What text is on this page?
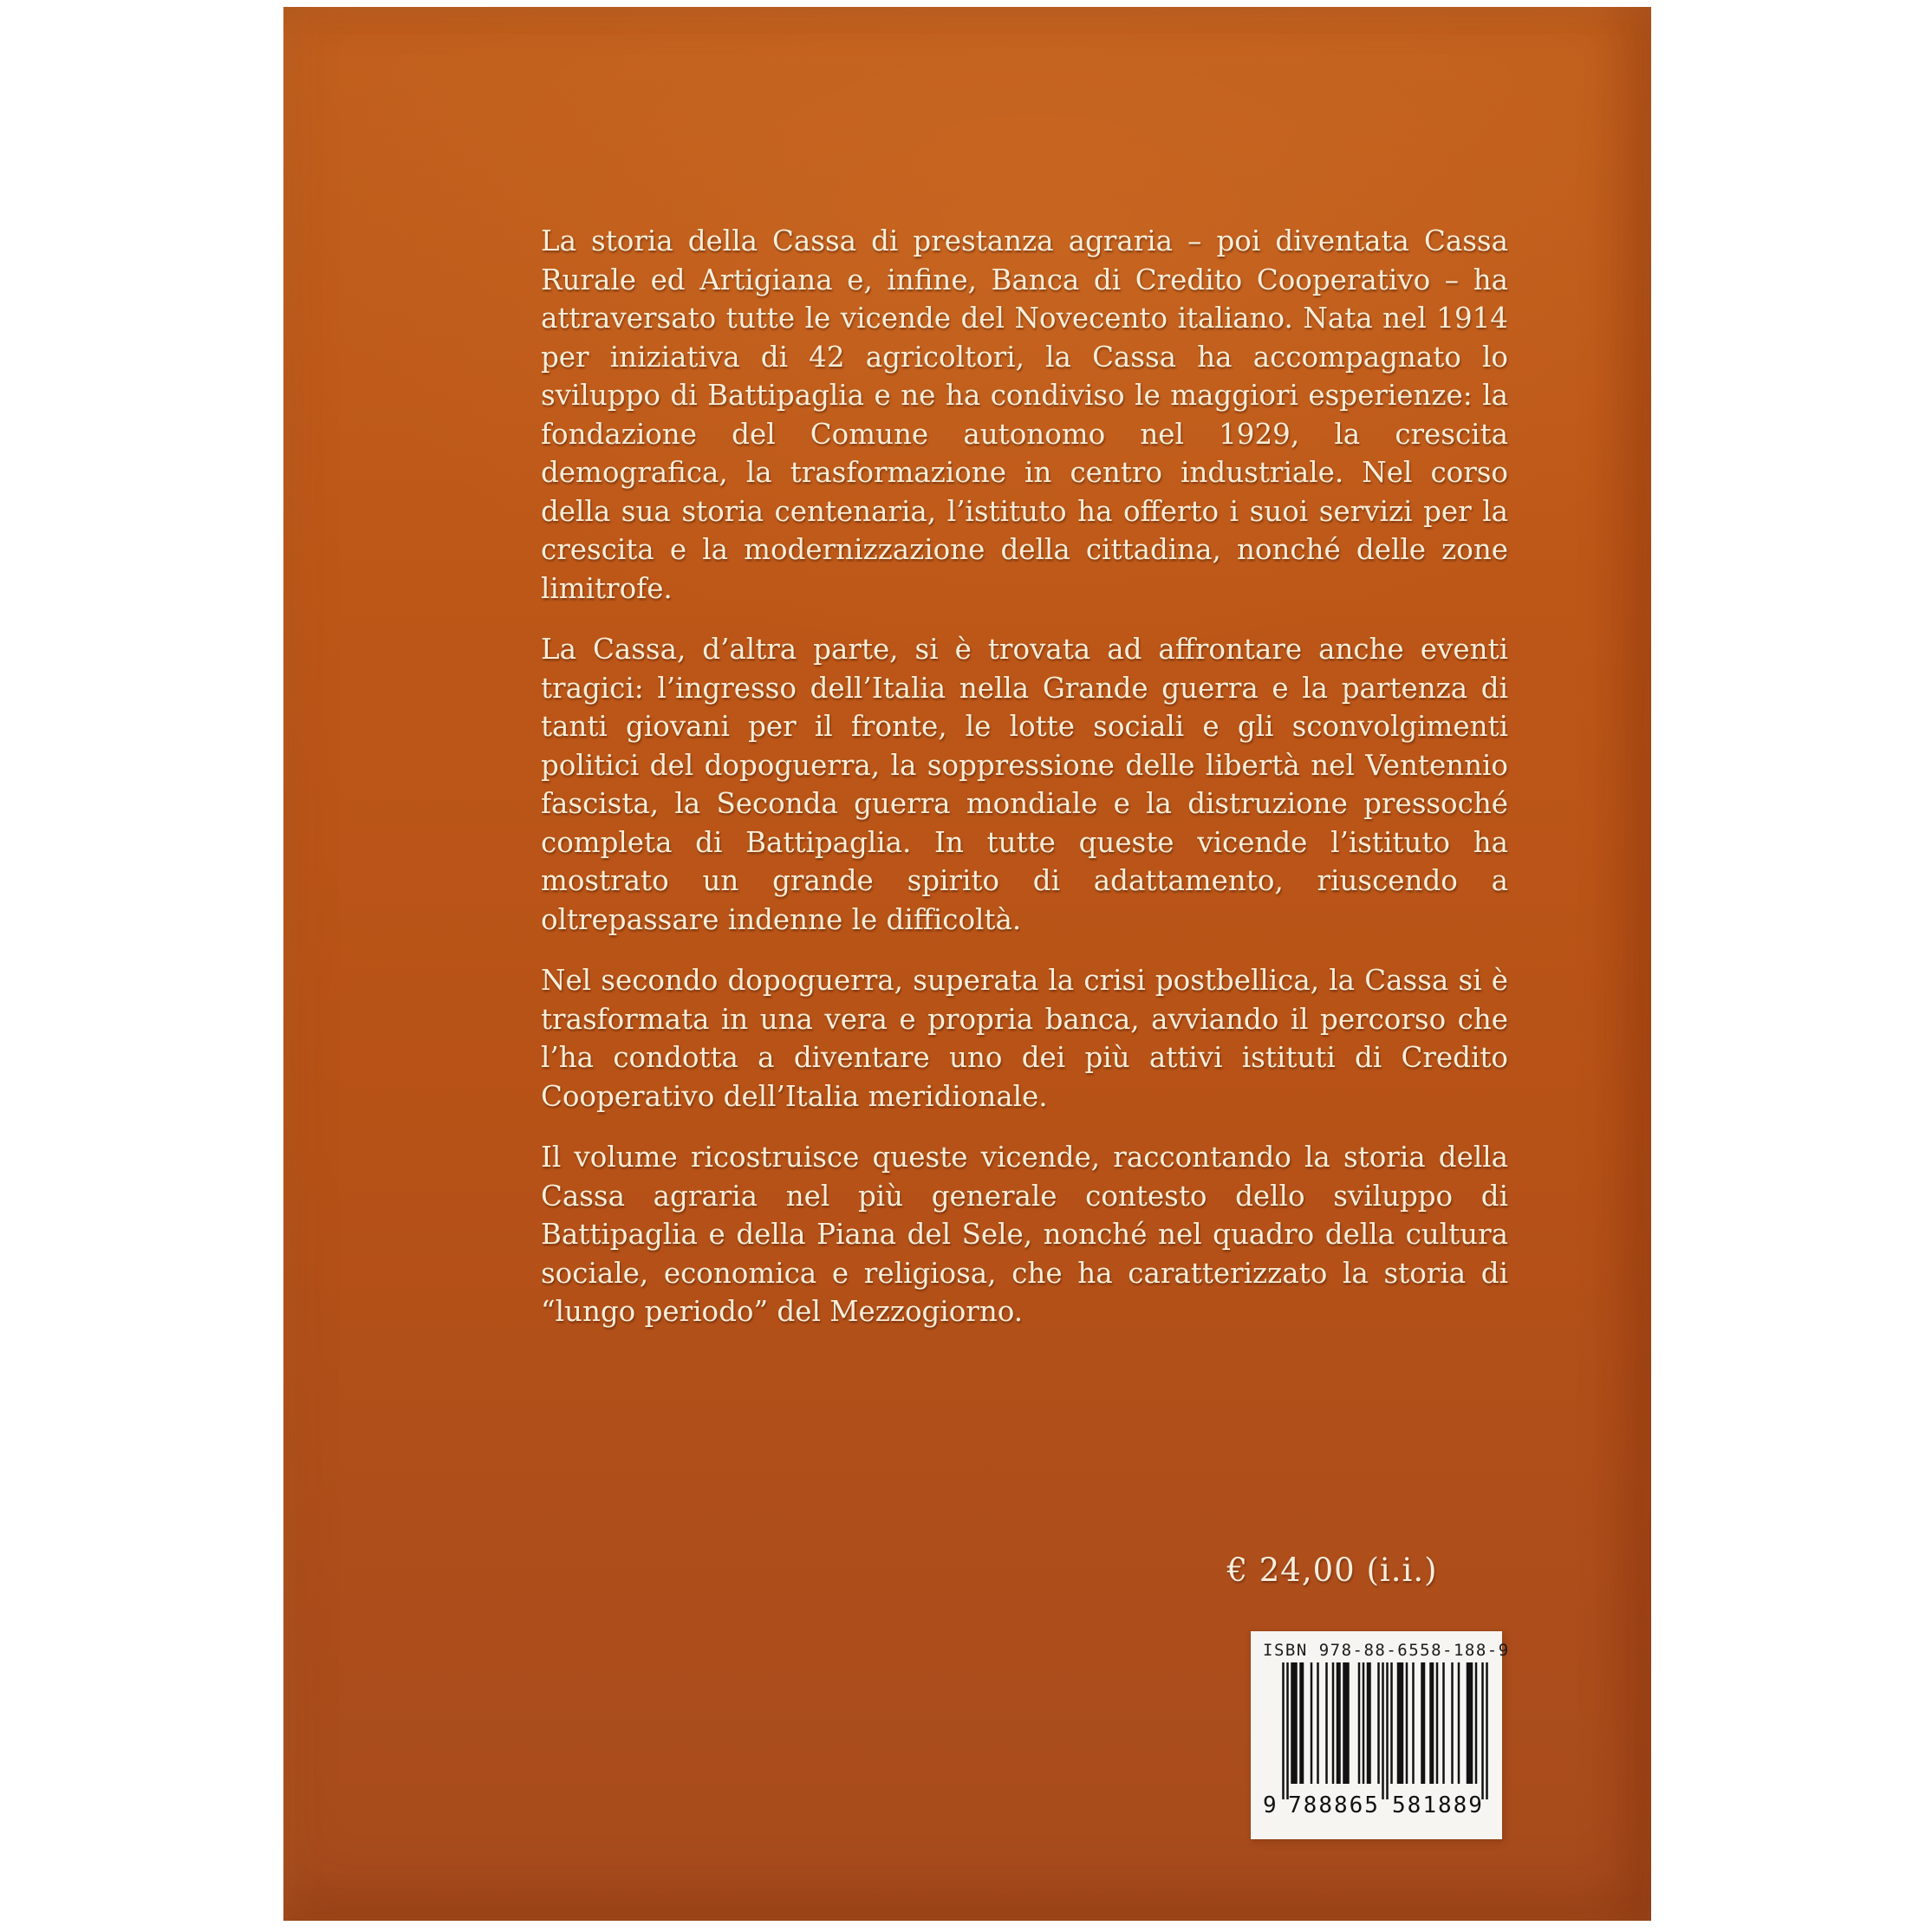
La storia della Cassa di prestanza agraria – poi diventata Cassa Rurale ed Artigiana e, infine, Banca di Credito Cooperativo – ha attraversato tutte le vicende del Novecento italiano. Nata nel 1914 per iniziativa di 42 agricoltori, la Cassa ha accompagnato lo sviluppo di Battipaglia e ne ha condiviso le maggiori esperienze: la fondazione del Comune autonomo nel 1929, la crescita demografica, la trasformazione in centro industriale. Nel corso della sua storia centenaria, l’istituto ha offerto i suoi servizi per la crescita e la modernizzazione della cittadina, nonché delle zone limitrofe.

La Cassa, d’altra parte, si è trovata ad affrontare anche eventi tragici: l’ingresso dell’Italia nella Grande guerra e la partenza di tanti giovani per il fronte, le lotte sociali e gli sconvolgimenti politici del dopoguerra, la soppressione delle libertà nel Ventennio fascista, la Seconda guerra mondiale e la distruzione pressoché completa di Battipaglia. In tutte queste vicende l’istituto ha mostrato un grande spirito di adattamento, riuscendo a oltrepassare indenne le difficoltà.

Nel secondo dopoguerra, superata la crisi postbellica, la Cassa si è trasformata in una vera e propria banca, avviando il percorso che l’ha condotta a diventare uno dei più attivi istituti di Credito Cooperativo dell’Italia meridionale.

Il volume ricostruisce queste vicende, raccontando la storia della Cassa agraria nel più generale contesto dello sviluppo di Battipaglia e della Piana del Sele, nonché nel quadro della cultura sociale, economica e religiosa, che ha caratterizzato la storia di “lungo periodo” del Mezzogiorno.

€ 24,00 (i.i.)
ISBN 978-88-6558-188-9
9 788865 581889
